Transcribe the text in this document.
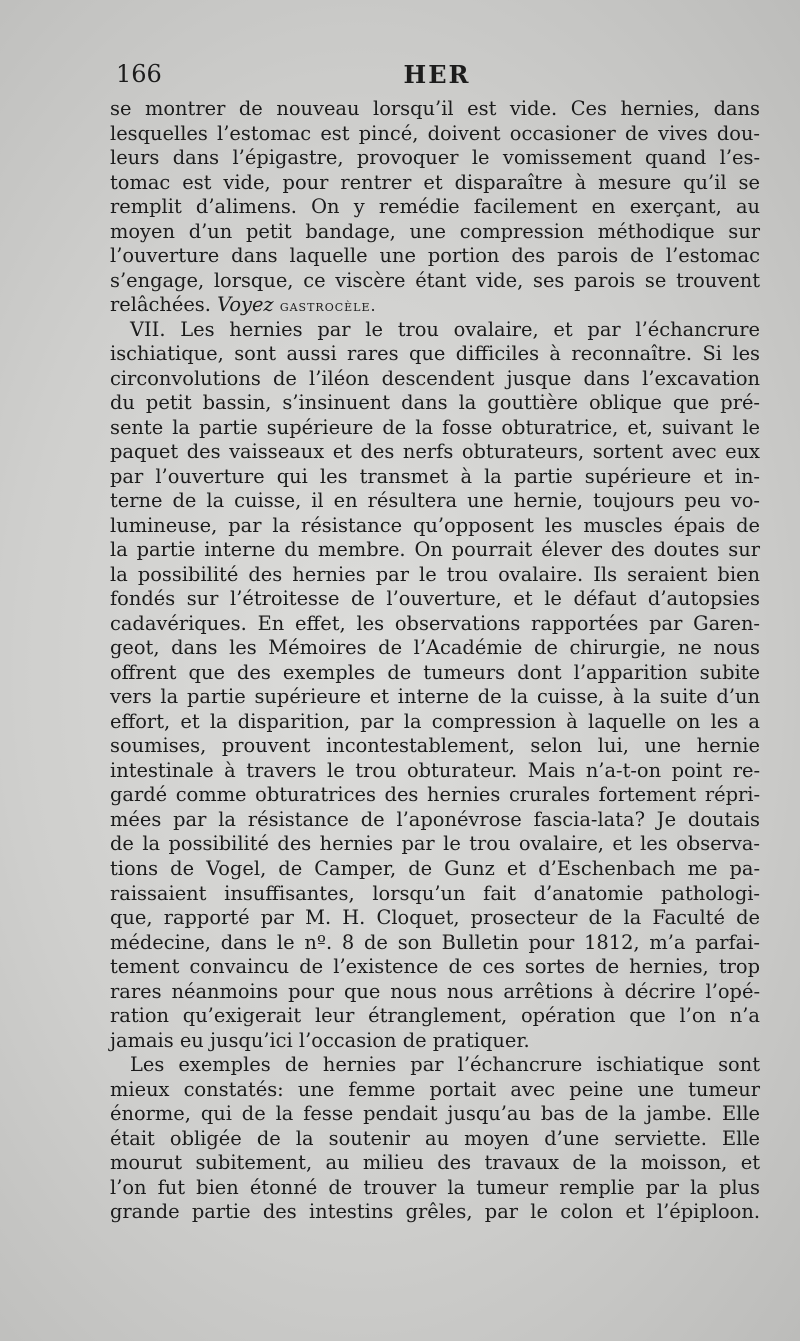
166	HER
se montrer de nouveau lorsqu’il est vide. Ces hernies, dans
lesquelles l’estomac est pincé, doivent occasioner de vives dou-
leurs dans l’épigastre, provoquer le vomissement quand l’es-
tomac est vide, pour rentrer et disparaître à mesure qu’il se
remplit d’alimens. On y remédie facilement en exerçant, au
moyen d’un petit bandage, une compression méthodique sur
l’ouverture dans laquelle une portion des parois de l’estomac
s’engage, lorsque, ce viscère étant vide, ses parois se trouvent
relâchées. Voyez gastrocèle.
VII. Les hernies par le trou ovalaire, et par l’échancrure
ischiatique, sont aussi rares que difficiles à reconnaître. Si les
circonvolutions de l’iléon descendent jusque dans l’excavation
du petit bassin, s’insinuent dans la gouttière oblique que pré-
sente la partie supérieure de la fosse obturatrice, et, suivant le
paquet des vaisseaux et des nerfs obturateurs, sortent avec eux
par l’ouverture qui les transmet à la partie supérieure et in-
terne de la cuisse, il en résultera une hernie, toujours peu vo-
lumineuse, par la résistance qu’opposent les muscles épais de
la partie interne du membre. On pourrait élever des doutes sur
la possibilité des hernies par le trou ovalaire. Ils seraient bien
fondés sur l’étroitesse de l’ouverture, et le défaut d’autopsies
cadavériques. En effet, les observations rapportées par Garen-
geot, dans les Mémoires de l’Académie de chirurgie, ne nous
offrent que des exemples de tumeurs dont l’apparition subite
vers la partie supérieure et interne de la cuisse, à la suite d’un
effort, et la disparition, par la compression à laquelle on les a
soumises, prouvent incontestablement, selon lui, une hernie
intestinale à travers le trou obturateur. Mais n’a-t-on point re-
gardé comme obturatrices des hernies crurales fortement répri-
mées par la résistance de l’aponévrose fascia-lata? Je doutais
de la possibilité des hernies par le trou ovalaire, et les observa-
tions de Vogel, de Camper, de Gunz et d’Eschenbach me pa-
raissaient insuffisantes, lorsqu’un fait d’anatomie pathologi-
que, rapporté par M. H. Cloquet, prosecteur de la Faculté de
médecine, dans le nº. 8 de son Bulletin pour 1812, m’a parfai-
tement convaincu de l’existence de ces sortes de hernies, trop
rares néanmoins pour que nous nous arrêtions à décrire l’opé-
ration qu’exigerait leur étranglement, opération que l’on n’a
jamais eu jusqu’ici l’occasion de pratiquer.
Les exemples de hernies par l’échancrure ischiatique sont
mieux constatés: une femme portait avec peine une tumeur
énorme, qui de la fesse pendait jusqu’au bas de la jambe. Elle
était obligée de la soutenir au moyen d’une serviette. Elle
mourut subitement, au milieu des travaux de la moisson, et
l’on fut bien étonné de trouver la tumeur remplie par la plus
grande partie des intestins grêles, par le colon et l’épiploon.
